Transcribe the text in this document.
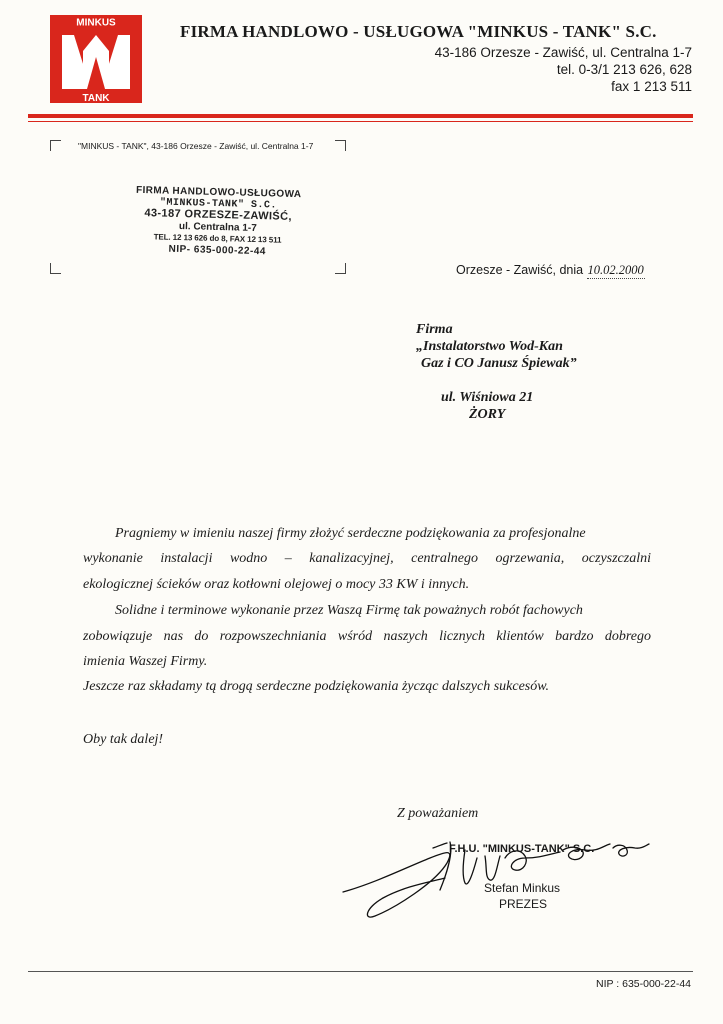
MINKUS
TANK
FIRMA HANDLOWO - USŁUGOWA "MINKUS - TANK" S.C.
43-186 Orzesze - Zawiść, ul. Centralna 1-7
tel. 0-3/1 213 626, 628
fax 1 213 511
"MINKUS - TANK", 43-186 Orzesze - Zawiść, ul. Centralna 1-7
FIRMA HANDLOWO-USŁUGOWA
"MINKUS-TANK" S.C.
43-187 ORZESZE-ZAWIŚĆ,
ul. Centralna 1-7
TEL. 12 13 626 do 8, FAX 12 13 511
NIP- 635-000-22-44
Orzesze - Zawiść, dnia 10.02.2000
Firma
„Instalatorstwo Wod-Kan
Gaz i CO Janusz Śpiewak”
ul. Wiśniowa 21
ŻORY
Pragniemy w imieniu naszej firmy złożyć serdeczne podziękowania za profesjonalne
wykonanie instalacji wodno – kanalizacyjnej, centralnego ogrzewania, oczyszczalni
ekologicznej ścieków oraz kotłowni olejowej o mocy 33 KW i innych.
Solidne i terminowe wykonanie przez Waszą Firmę tak poważnych robót fachowych
zobowiązuje nas do rozpowszechniania wśród naszych licznych klientów bardzo dobrego
imienia Waszej Firmy.
Jeszcze raz składamy tą drogą serdeczne podziękowania życząc dalszych sukcesów.
Oby tak dalej!
Z poważaniem
F.H.U. "MINKUS-TANK" S.C.
Stefan Minkus
PREZES
NIP : 635-000-22-44
